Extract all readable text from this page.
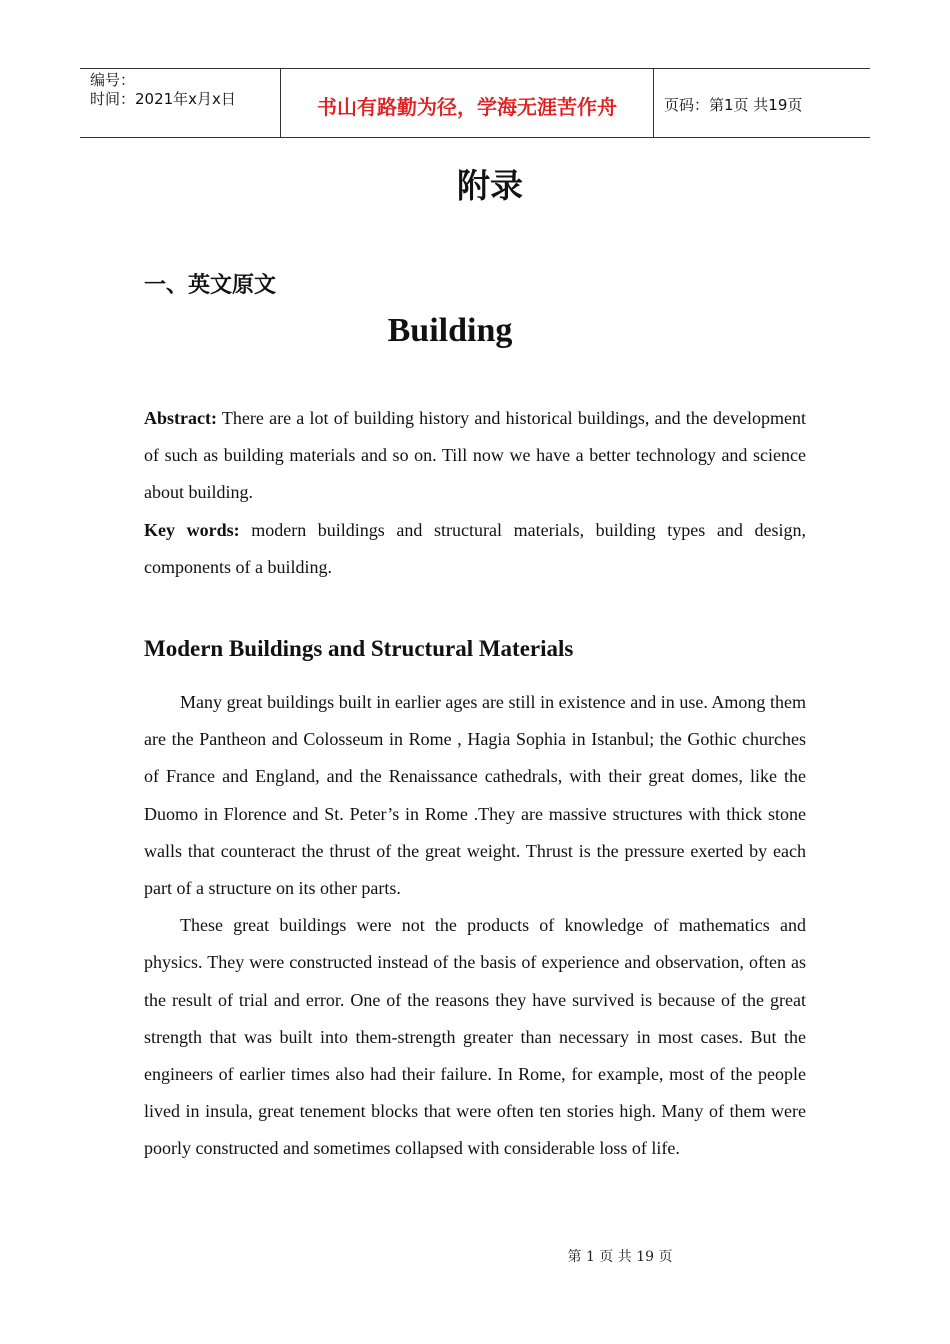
编号：
时间：2021年x月x日	书山有路勤为径，学海无涯苦作舟	页码：第1页 共19页
附录
一、英文原文
Building

Abstract: There are a lot of building history and historical buildings, and the development of such as building materials and so on. Till now we have a better technology and science about building.

Key words: modern buildings and structural materials, building types and design, components of a building.

Modern Buildings and Structural Materials

Many great buildings built in earlier ages are still in existence and in use. Among them are the Pantheon and Colosseum in Rome , Hagia Sophia in Istanbul; the Gothic churches of France and England, and the Renaissance cathedrals, with their great domes, like the Duomo in Florence and St. Peter’s in Rome .They are massive structures with thick stone walls that counteract the thrust of the great weight. Thrust is the pressure exerted by each part of a structure on its other parts.

These great buildings were not the products of knowledge of mathematics and physics. They were constructed instead of the basis of experience and observation, often as the result of trial and error. One of the reasons they have survived is because of the great strength that was built into them-strength greater than necessary in most cases. But the engineers of earlier times also had their failure. In Rome, for example, most of the people lived in insula, great tenement blocks that were often ten stories high. Many of them were poorly constructed and sometimes collapsed with considerable loss of life.

第 1 页 共 19 页
